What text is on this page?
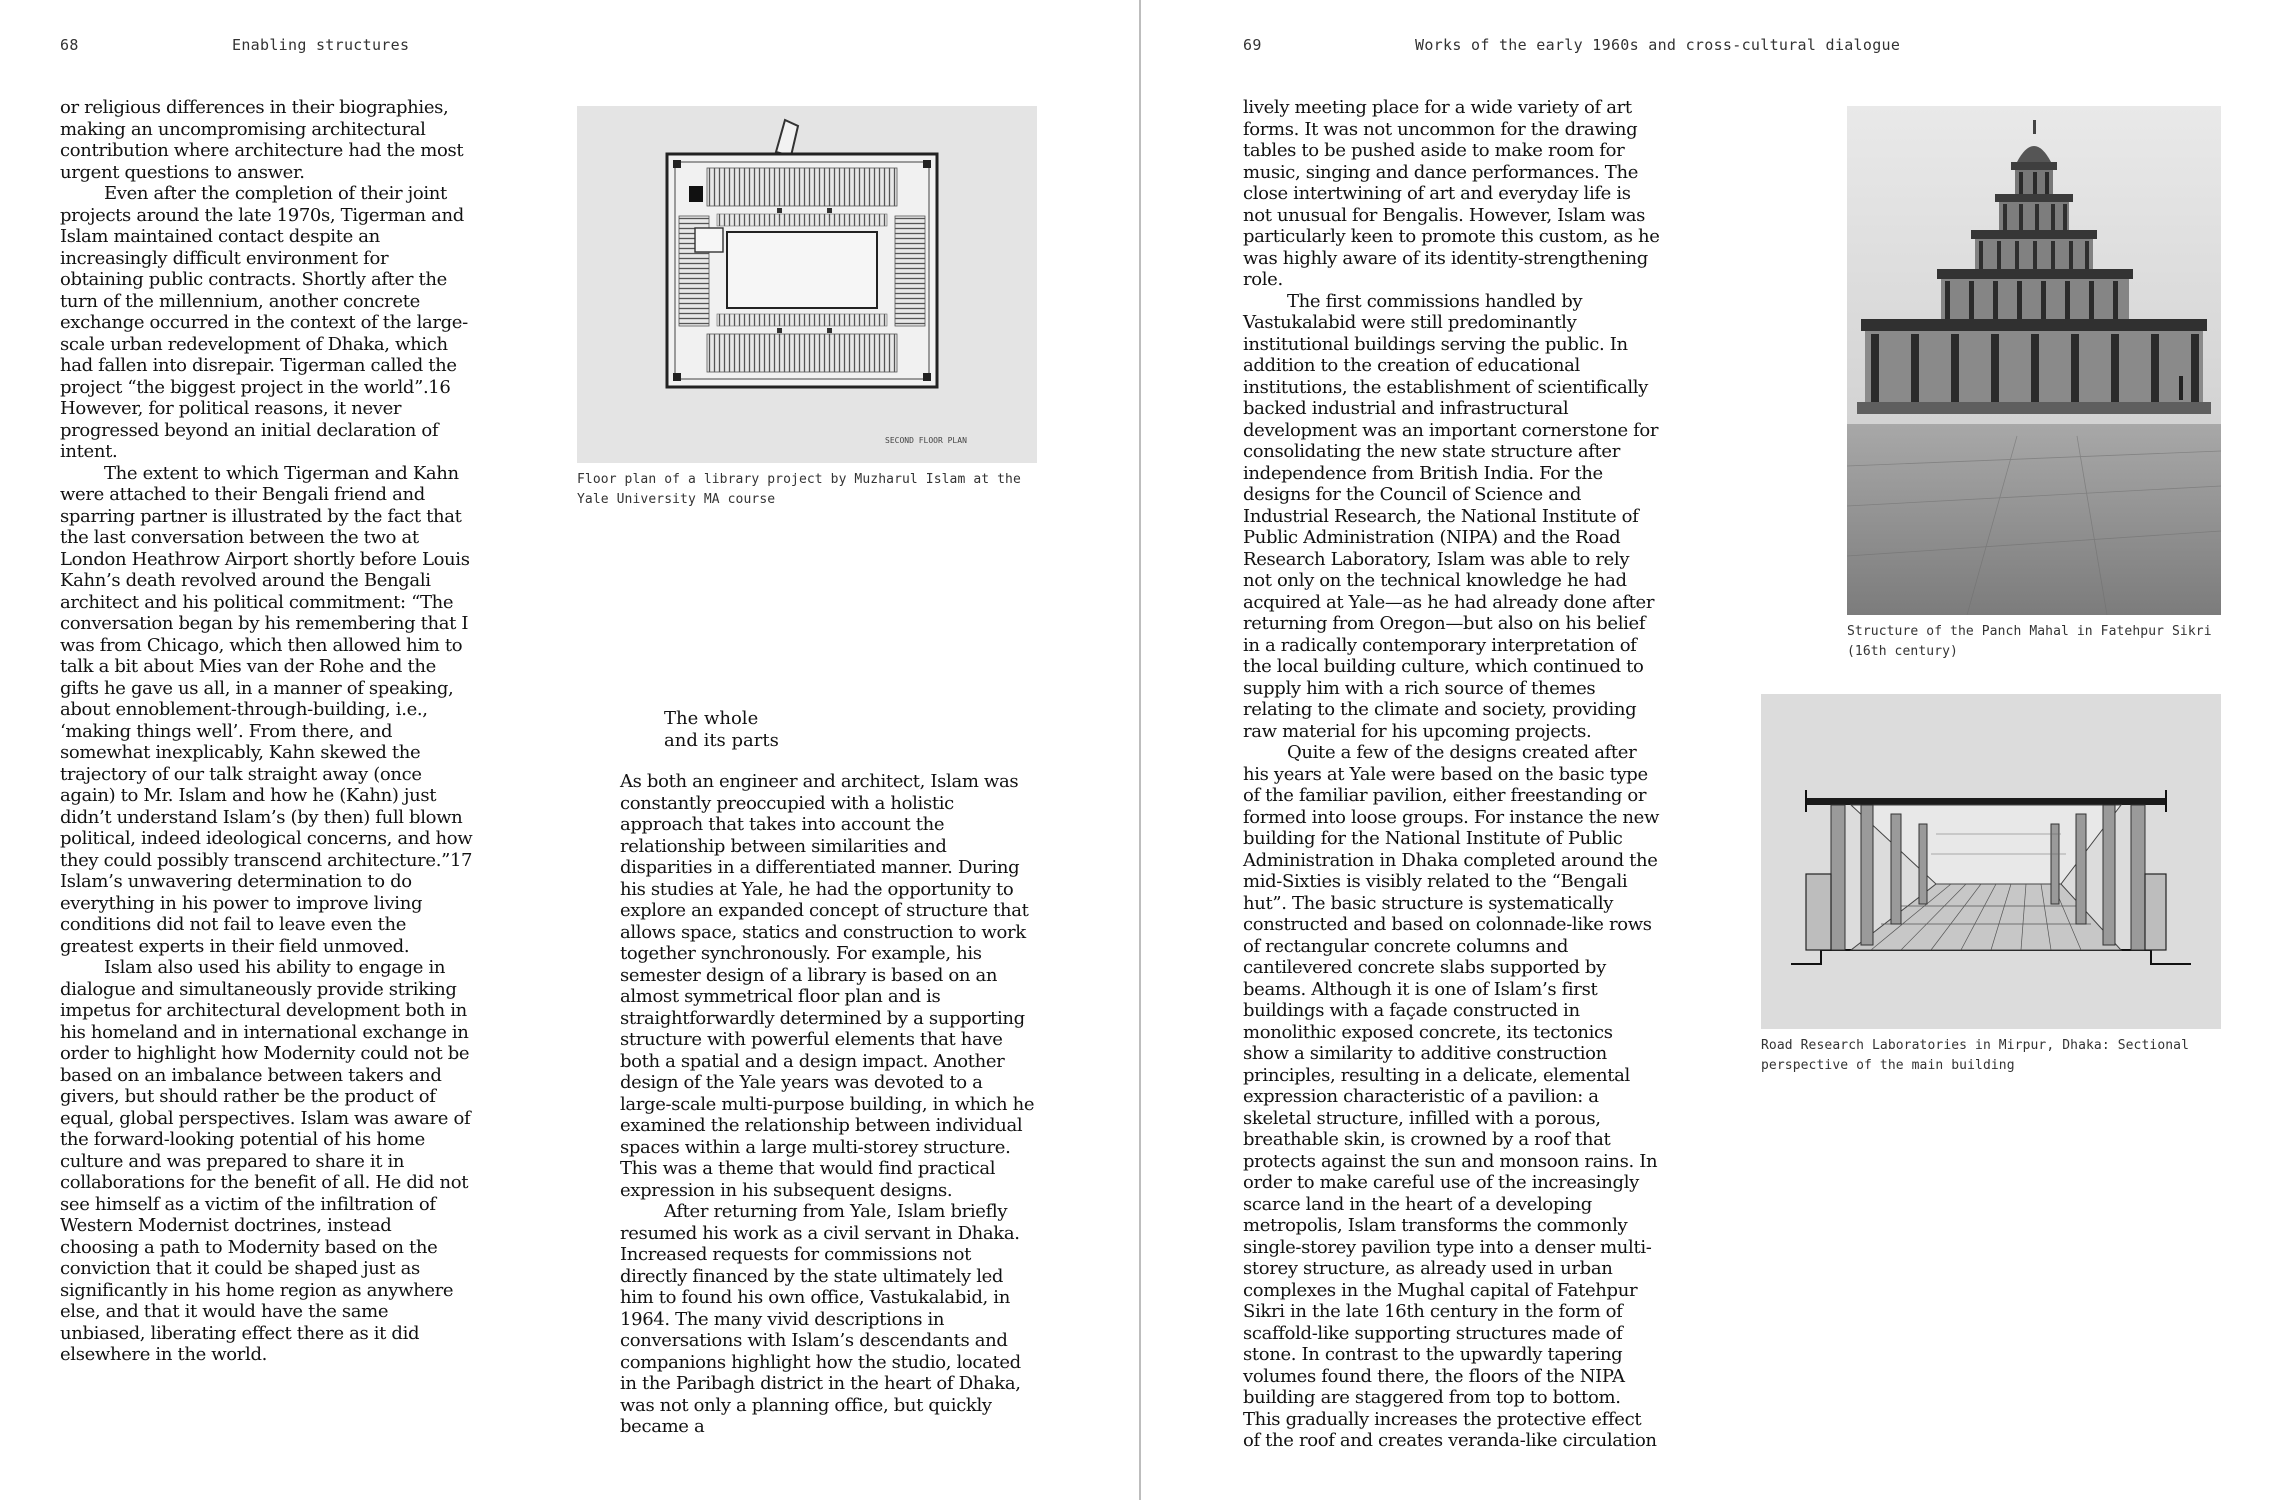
68	Enabling structures

or religious differences in their biographies, making an uncompromising architectural contribution where architecture had the most urgent questions to answer.

Even after the completion of their joint projects around the late 1970s, Tigerman and Islam maintained contact despite an increasingly difficult environment for obtaining public contracts. Shortly after the turn of the millennium, another concrete exchange occurred in the context of the large-scale urban redevelopment of Dhaka, which had fallen into disrepair. Tigerman called the project “the biggest project in the world”.16 However, for political reasons, it never progressed beyond an initial declaration of intent.

The extent to which Tigerman and Kahn were attached to their Bengali friend and sparring partner is illustrated by the fact that the last conversation between the two at London Heathrow Airport shortly before Louis Kahn’s death revolved around the Bengali architect and his political commitment: “The conversation began by his remembering that I was from Chicago, which then allowed him to talk a bit about Mies van der Rohe and the gifts he gave us all, in a manner of speaking, about ennoblement-through-building, i.e., ‘making things well’. From there, and somewhat inexplicably, Kahn skewed the trajectory of our talk straight away (once again) to Mr. Islam and how he (Kahn) just didn’t understand Islam’s (by then) full blown political, indeed ideological concerns, and how they could possibly transcend architecture.”17 Islam’s unwavering determination to do everything in his power to improve living conditions did not fail to leave even the greatest experts in their field unmoved.

Islam also used his ability to engage in dialogue and simultaneously provide striking impetus for architectural development both in his homeland and in international exchange in order to highlight how Modernity could not be based on an imbalance between takers and givers, but should rather be the product of equal, global perspectives. Islam was aware of the forward-looking potential of his home culture and was prepared to share it in collaborations for the benefit of all. He did not see himself as a victim of the infiltration of Western Modernist doctrines, instead choosing a path to Modernity based on the conviction that it could be shaped just as significantly in his home region as anywhere else, and that it would have the same unbiased, liberating effect there as it did elsewhere in the world.

SECOND FLOOR PLAN
Floor plan of a library project by Muzharul Islam at the Yale University MA course
The whole
and its parts

As both an engineer and architect, Islam was constantly preoccupied with a holistic approach that takes into account the relationship between similarities and disparities in a differentiated manner. During his studies at Yale, he had the opportunity to explore an expanded concept of structure that allows space, statics and construction to work together synchronously. For example, his semester design of a library is based on an almost symmetrical floor plan and is straightforwardly determined by a supporting structure with powerful elements that have both a spatial and a design impact. Another design of the Yale years was devoted to a large-scale multi-purpose building, in which he examined the relationship between individual spaces within a large multi-storey structure. This was a theme that would find practical expression in his subsequent designs.

After returning from Yale, Islam briefly resumed his work as a civil servant in Dhaka. Increased requests for commissions not directly financed by the state ultimately led him to found his own office, Vastukalabid, in 1964. The many vivid descriptions in conversations with Islam’s descendants and companions highlight how the studio, located in the Paribagh district in the heart of Dhaka, was not only a planning office, but quickly became a

69	Works of the early 1960s and cross-cultural dialogue

lively meeting place for a wide variety of art forms. It was not uncommon for the drawing tables to be pushed aside to make room for music, singing and dance performances. The close intertwining of art and everyday life is not unusual for Bengalis. However, Islam was particularly keen to promote this custom, as he was highly aware of its identity-strengthening role.

The first commissions handled by Vastukalabid were still predominantly institutional buildings serving the public. In addition to the creation of educational institutions, the establishment of scientifically backed industrial and infrastructural development was an important cornerstone for consolidating the new state structure after independence from British India. For the designs for the Council of Science and Industrial Research, the National Institute of Public Administration (NIPA) and the Road Research Laboratory, Islam was able to rely not only on the technical knowledge he had acquired at Yale—as he had already done after returning from Oregon—but also on his belief in a radically contemporary interpretation of the local building culture, which continued to supply him with a rich source of themes relating to the climate and society, providing raw material for his upcoming projects.

Quite a few of the designs created after his years at Yale were based on the basic type of the familiar pavilion, either freestanding or formed into loose groups. For instance the new building for the National Institute of Public Administration in Dhaka completed around the mid-Sixties is visibly related to the “Bengali hut”. The basic structure is systematically constructed and based on colonnade-like rows of rectangular concrete columns and cantilevered concrete slabs supported by beams. Although it is one of Islam’s first buildings with a façade constructed in monolithic exposed concrete, its tectonics show a similarity to additive construction principles, resulting in a delicate, elemental expression characteristic of a pavilion: a skeletal structure, infilled with a porous, breathable skin, is crowned by a roof that protects against the sun and monsoon rains. In order to make careful use of the increasingly scarce land in the heart of a developing metropolis, Islam transforms the commonly single-storey pavilion type into a denser multi-storey structure, as already used in urban complexes in the Mughal capital of Fatehpur Sikri in the late 16th century in the form of scaffold-like supporting structures made of stone. In contrast to the upwardly tapering volumes found there, the floors of the NIPA building are staggered from top to bottom. This gradually increases the protective effect of the roof and creates veranda-like circulation

Structure of the Panch Mahal in Fatehpur Sikri (16th century)
Road Research Laboratories in Mirpur, Dhaka: Sectional perspective of the main building
